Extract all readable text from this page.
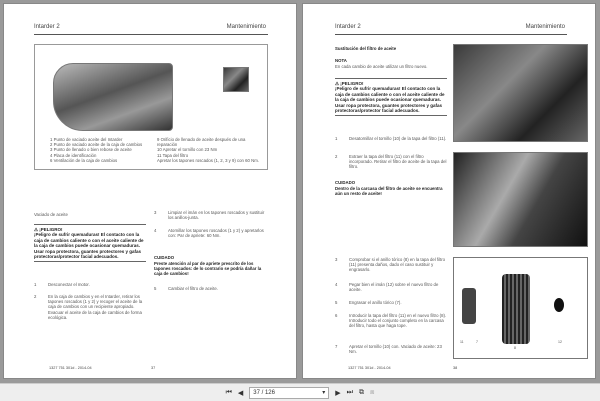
Intarder 2	Mantenimiento
1 Punto de vaciado aceite del Intarder
2 Punto de vaciado aceite de la caja de cambios
3 Punto de llenado o bien rebose de aceite
4 Placa de identificación
6 Ventilación de la caja de cambios
9 Orificio de llenado de aceite después de una reparación
10 Apretar el tornillo con 23 Nm
11 Tapa del filtro
Apretar los tapones roscados (1, 2, 3 y 9) con 60 Nm.
Vaciado de aceite
⚠ ¡PELIGRO!
¡Peligro de sufrir quemaduras! El contacto con la caja de cambios caliente o con el aceite caliente de la caja de cambios puede ocasionar quemaduras. Usar ropa protectora, guantes protectores y gafas protectoras/protector facial adecuados.
1	Desconectar el motor.
2	En la caja de cambios y en el Intarder, retirar los tapones roscados (1 y 2) y recoger el aceite de la caja de cambios con un recipiente apropiado. Evacuar el aceite de la caja de cambios de forma ecológica.
3	Limpiar el imán en los tapones roscados y sustituir los anillos-junta.
4	Atornillar los tapones roscados (1 y 2) y apretarlos con: Par de apriete: 60 Nm.
CUIDADO
Preste atención al par de apriete prescrito de los tapones roscados: de lo contrario se podría dañar la caja de cambios!
5	Cambiar el filtro de aceite.
1327 751 301d - 2014-04	37
Intarder 2	Mantenimiento
Sustitución del filtro de aceite
NOTA
En cada cambio de aceite utilizar un filtro nuevo.
⚠ ¡PELIGRO!
¡Peligro de sufrir quemaduras! El contacto con la caja de cambios caliente o con el aceite caliente de la caja de cambios puede ocasionar quemaduras. Usar ropa protectora, guantes protectores y gafas protectoras/protector facial adecuados.
1	Desatornillar el tornillo (10) de la tapa del filtro (11).
2	Extraer la tapa del filtro (11) con el filtro incorporado. Retirar el filtro de aceite de la tapa del filtro.
CUIDADO
Dentro de la carcasa del filtro de aceite se encuentra aún un resto de aceite!
3	Comprobar si el anillo tórico (8) en la tapa del filtro (11) presenta daños, dado el caso sustituir y engrasarlo.
4	Pegar bien el imán (12) sobre el nuevo filtro de aceite.
5	Engrasar el anillo tórico (7).
6	Introducir la tapa del filtro (11) en el nuevo filtro (8). Introducir todo el conjunto completo en la carcasa del filtro, hasta que haga tope.
7	Apretar el tornillo (10) con. Vaciado de aceite: 23 Nm.
11	7
8
12
1327 751 301d - 2014-04	38
⏮ ◀ 37 / 126	▾ ▶ ⏭ ⧉ ⧈
